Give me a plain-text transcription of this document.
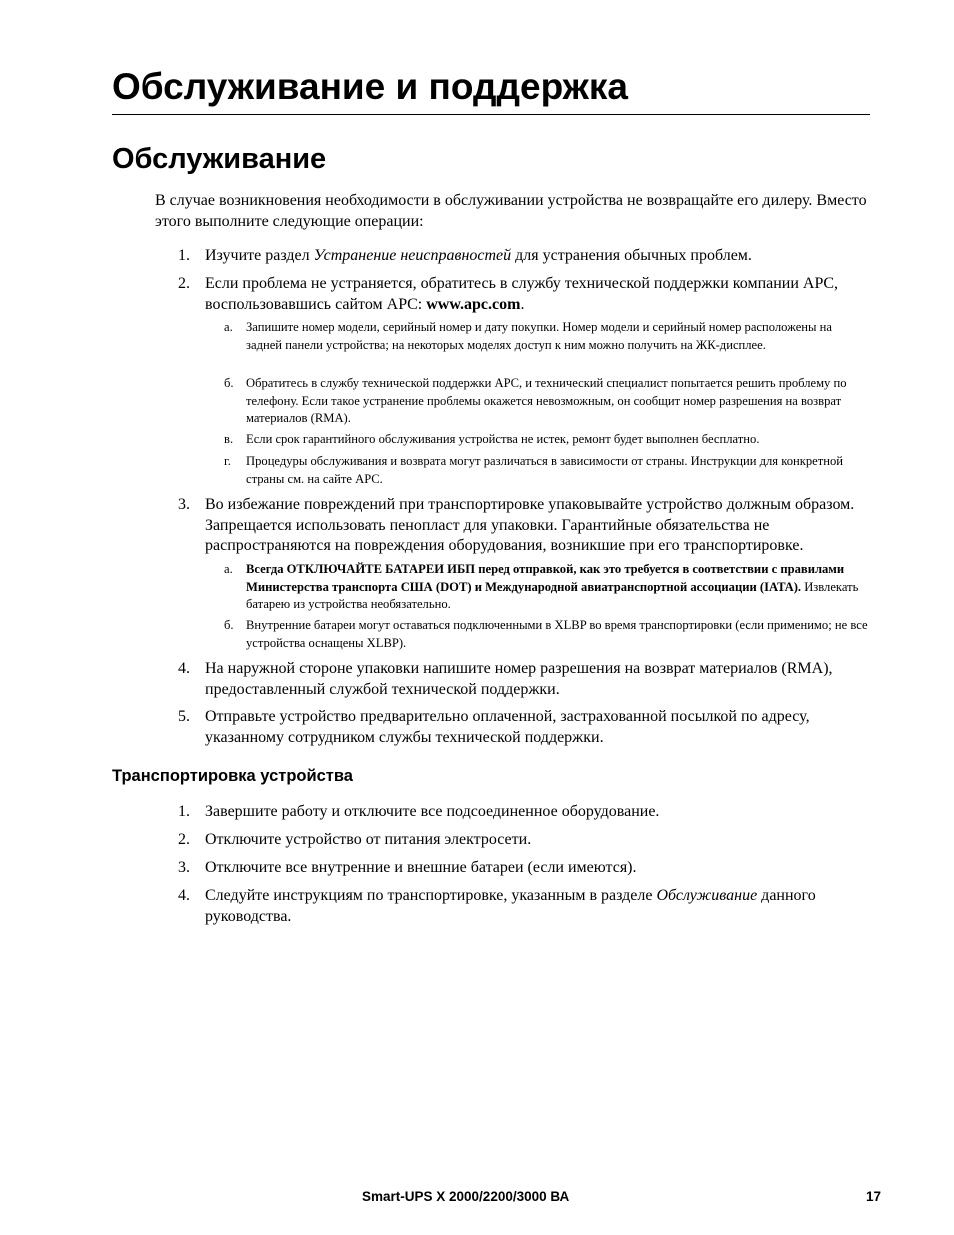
Обслуживание и поддержка
Обслуживание
В случае возникновения необходимости в обслуживании устройства не возвращайте его дилеру. Вместо этого выполните следующие операции:
1. Изучите раздел Устранение неисправностей для устранения обычных проблем.
2. Если проблема не устраняется, обратитесь в службу технической поддержки компании APC, воспользовавшись сайтом APC: www.apc.com.
а.	Запишите номер модели, серийный номер и дату покупки. Номер модели и серийный номер расположены на задней панели устройства; на некоторых моделях доступ к ним можно получить на ЖК-дисплее.
б. Обратитесь в службу технической поддержки APC, и технический специалист попытается решить проблему по телефону. Если такое устранение проблемы окажется невозможным, он сообщит номер разрешения на возврат материалов (RMA).
в.	Если срок гарантийного обслуживания устройства не истек, ремонт будет выполнен бесплатно.
г.	Процедуры обслуживания и возврата могут различаться в зависимости от страны. Инструкции для конкретной страны см. на сайте APC.
3. Во избежание повреждений при транспортировке упаковывайте устройство должным образом. Запрещается использовать пенопласт для упаковки. Гарантийные обязательства не распространяются на повреждения оборудования, возникшие при его транспортировке.
а.	Всегда ОТКЛЮЧАЙТЕ БАТАРЕИ ИБП перед отправкой, как это требуется в соответствии с правилами Министерства транспорта США (DOT) и Международной авиатранспортной ассоциации (IATA). Извлекать батарею из устройства необязательно.
б. Внутренние батареи могут оставаться подключенными в XLBP во время транспортировки (если применимо; не все устройства оснащены XLBP).
4. На наружной стороне упаковки напишите номер разрешения на возврат материалов (RMA), предоставленный службой технической поддержки.
5. Отправьте устройство предварительно оплаченной, застрахованной посылкой по адресу, указанному сотрудником службы технической поддержки.
Транспортировка устройства
1. Завершите работу и отключите все подсоединенное оборудование.
2. Отключите устройство от питания электросети.
3. Отключите все внутренние и внешние батареи (если имеются).
4. Следуйте инструкциям по транспортировке, указанным в разделе Обслуживание данного руководства.
Smart-UPS X 2000/2200/3000 ВА	17
